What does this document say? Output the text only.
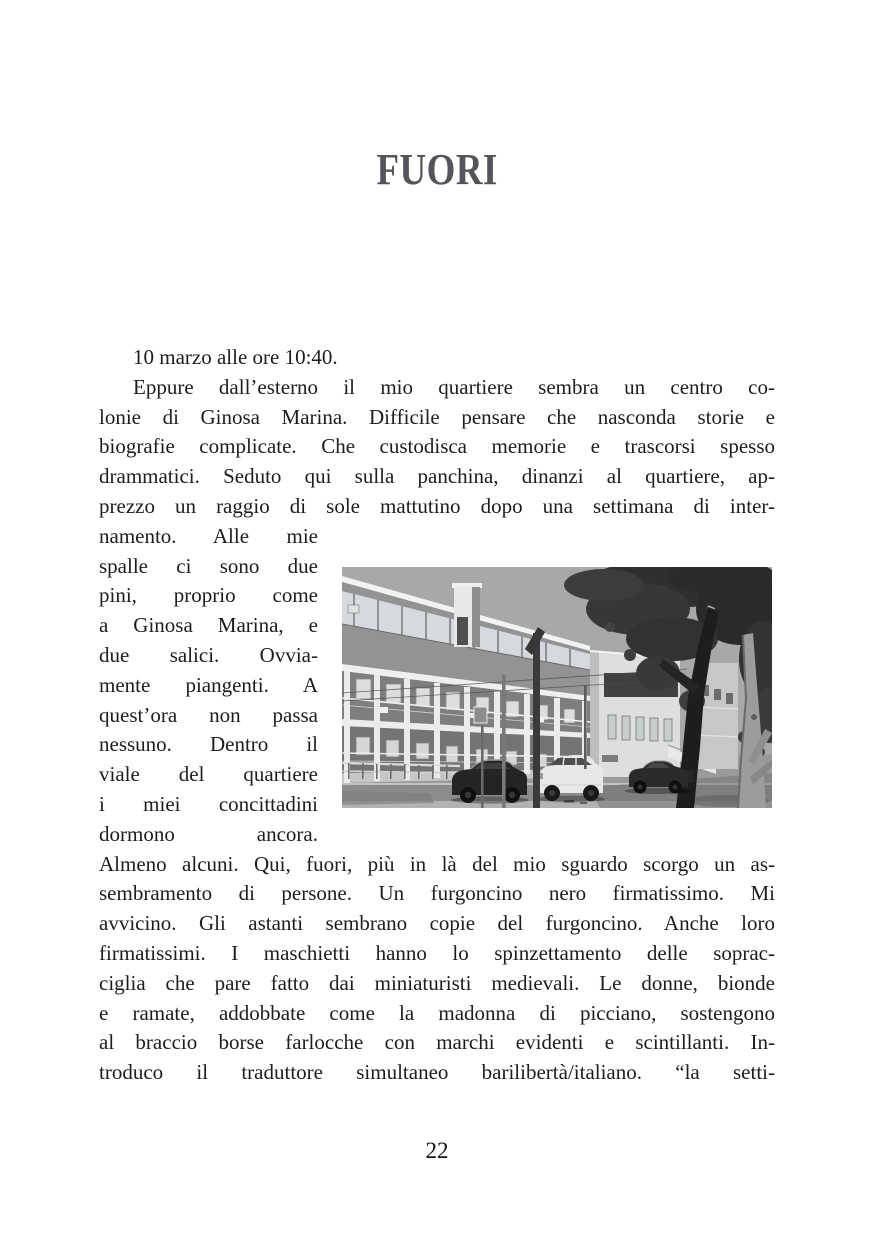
FUORI
10 marzo alle ore 10:40.
Eppure dall’esterno il mio quartiere sembra un centro co-
lonie di Ginosa Marina. Difficile pensare che nasconda storie e
biografie complicate. Che custodisca memorie e trascorsi spesso
drammatici. Seduto qui sulla panchina, dinanzi al quartiere, ap-
prezzo un raggio di sole mattutino dopo una settimana di inter-
namento. Alle mie
spalle ci sono due
pini, proprio come
a Ginosa Marina, e
due salici. Ovvia-
mente piangenti. A
quest’ora non passa
nessuno. Dentro il
viale del quartiere
i miei concittadini
dormono ancora.
Almeno alcuni. Qui, fuori, più in là del mio sguardo scorgo un as-
sembramento di persone. Un furgoncino nero firmatissimo. Mi
avvicino. Gli astanti sembrano copie del furgoncino. Anche loro
firmatissimi. I maschietti hanno lo spinzettamento delle soprac-
ciglia che pare fatto dai miniaturisti medievali. Le donne, bionde
e ramate, addobbate come la madonna di picciano, sostengono
al braccio borse farlocche con marchi evidenti e scintillanti. In-
troduco il traduttore simultaneo barilibertà/italiano. “la setti-
22
